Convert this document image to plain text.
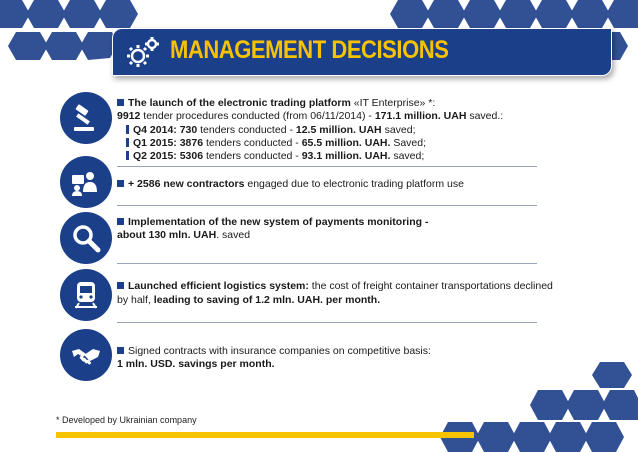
MANAGEMENT DECISIONS
The launch of the electronic trading platform «IT Enterprise» *:
9912 tender procedures conducted (from 06/11/2014) - 171.1 million. UAH saved.:
Q4 2014: 730 tenders conducted - 12.5 million. UAH saved;
Q1 2015: 3876 tenders conducted - 65.5 million. UAH. Saved;
Q2 2015: 5306 tenders conducted - 93.1 million. UAH. saved;
+ 2586 new contractors engaged due to electronic trading platform use
Implementation of the new system of payments monitoring -
about 130 mln. UAH. saved
Launched efficient logistics system: the cost of freight container transportations declined
by half, leading to saving of 1.2 mln. UAH. per month.
Signed contracts with insurance companies on competitive basis:
1 mln. USD. savings per month.
* Developed by Ukrainian company
